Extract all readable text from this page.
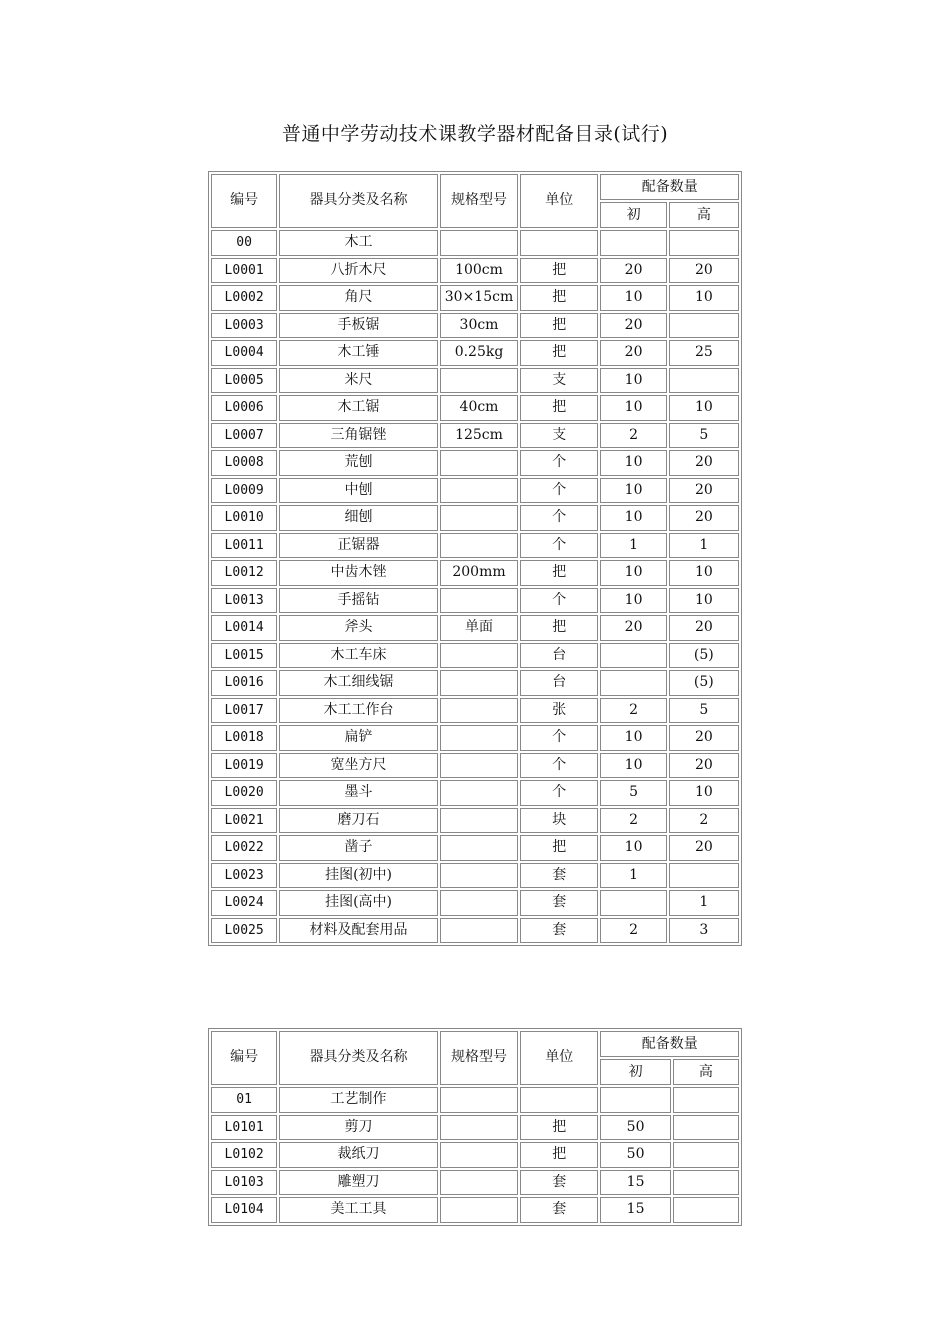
普通中学劳动技术课教学器材配备目录(试行)
编号	器具分类及名称	规格型号	单位	配备数量	
				初	高
00	木工				
L0001	八折木尺	100cm	把	20	20
L0002	角尺	30×15cm	把	10	10
L0003	手板锯	30cm	把	20	
L0004	木工锤	0.25kg	把	20	25
L0005	米尺		支	10	
L0006	木工锯	40cm	把	10	10
L0007	三角锯锉	125cm	支	2	5
L0008	荒刨		个	10	20
L0009	中刨		个	10	20
L0010	细刨		个	10	20
L0011	正锯器		个	1	1
L0012	中齿木锉	200mm	把	10	10
L0013	手摇钻		个	10	10
L0014	斧头	单面	把	20	20
L0015	木工车床		台		(5)
L0016	木工细线锯		台		(5)
L0017	木工工作台		张	2	5
L0018	扁铲		个	10	20
L0019	宽坐方尺		个	10	20
L0020	墨斗		个	5	10
L0021	磨刀石		块	2	2
L0022	凿子		把	10	20
L0023	挂图(初中)		套	1	
L0024	挂图(高中)		套		1
L0025	材料及配套用品		套	2	3
编号	器具分类及名称	规格型号	单位	配备数量	
				初	高
01	工艺制作				
L0101	剪刀		把	50	
L0102	裁纸刀		把	50	
L0103	雕塑刀		套	15	
L0104	美工工具		套	15	
